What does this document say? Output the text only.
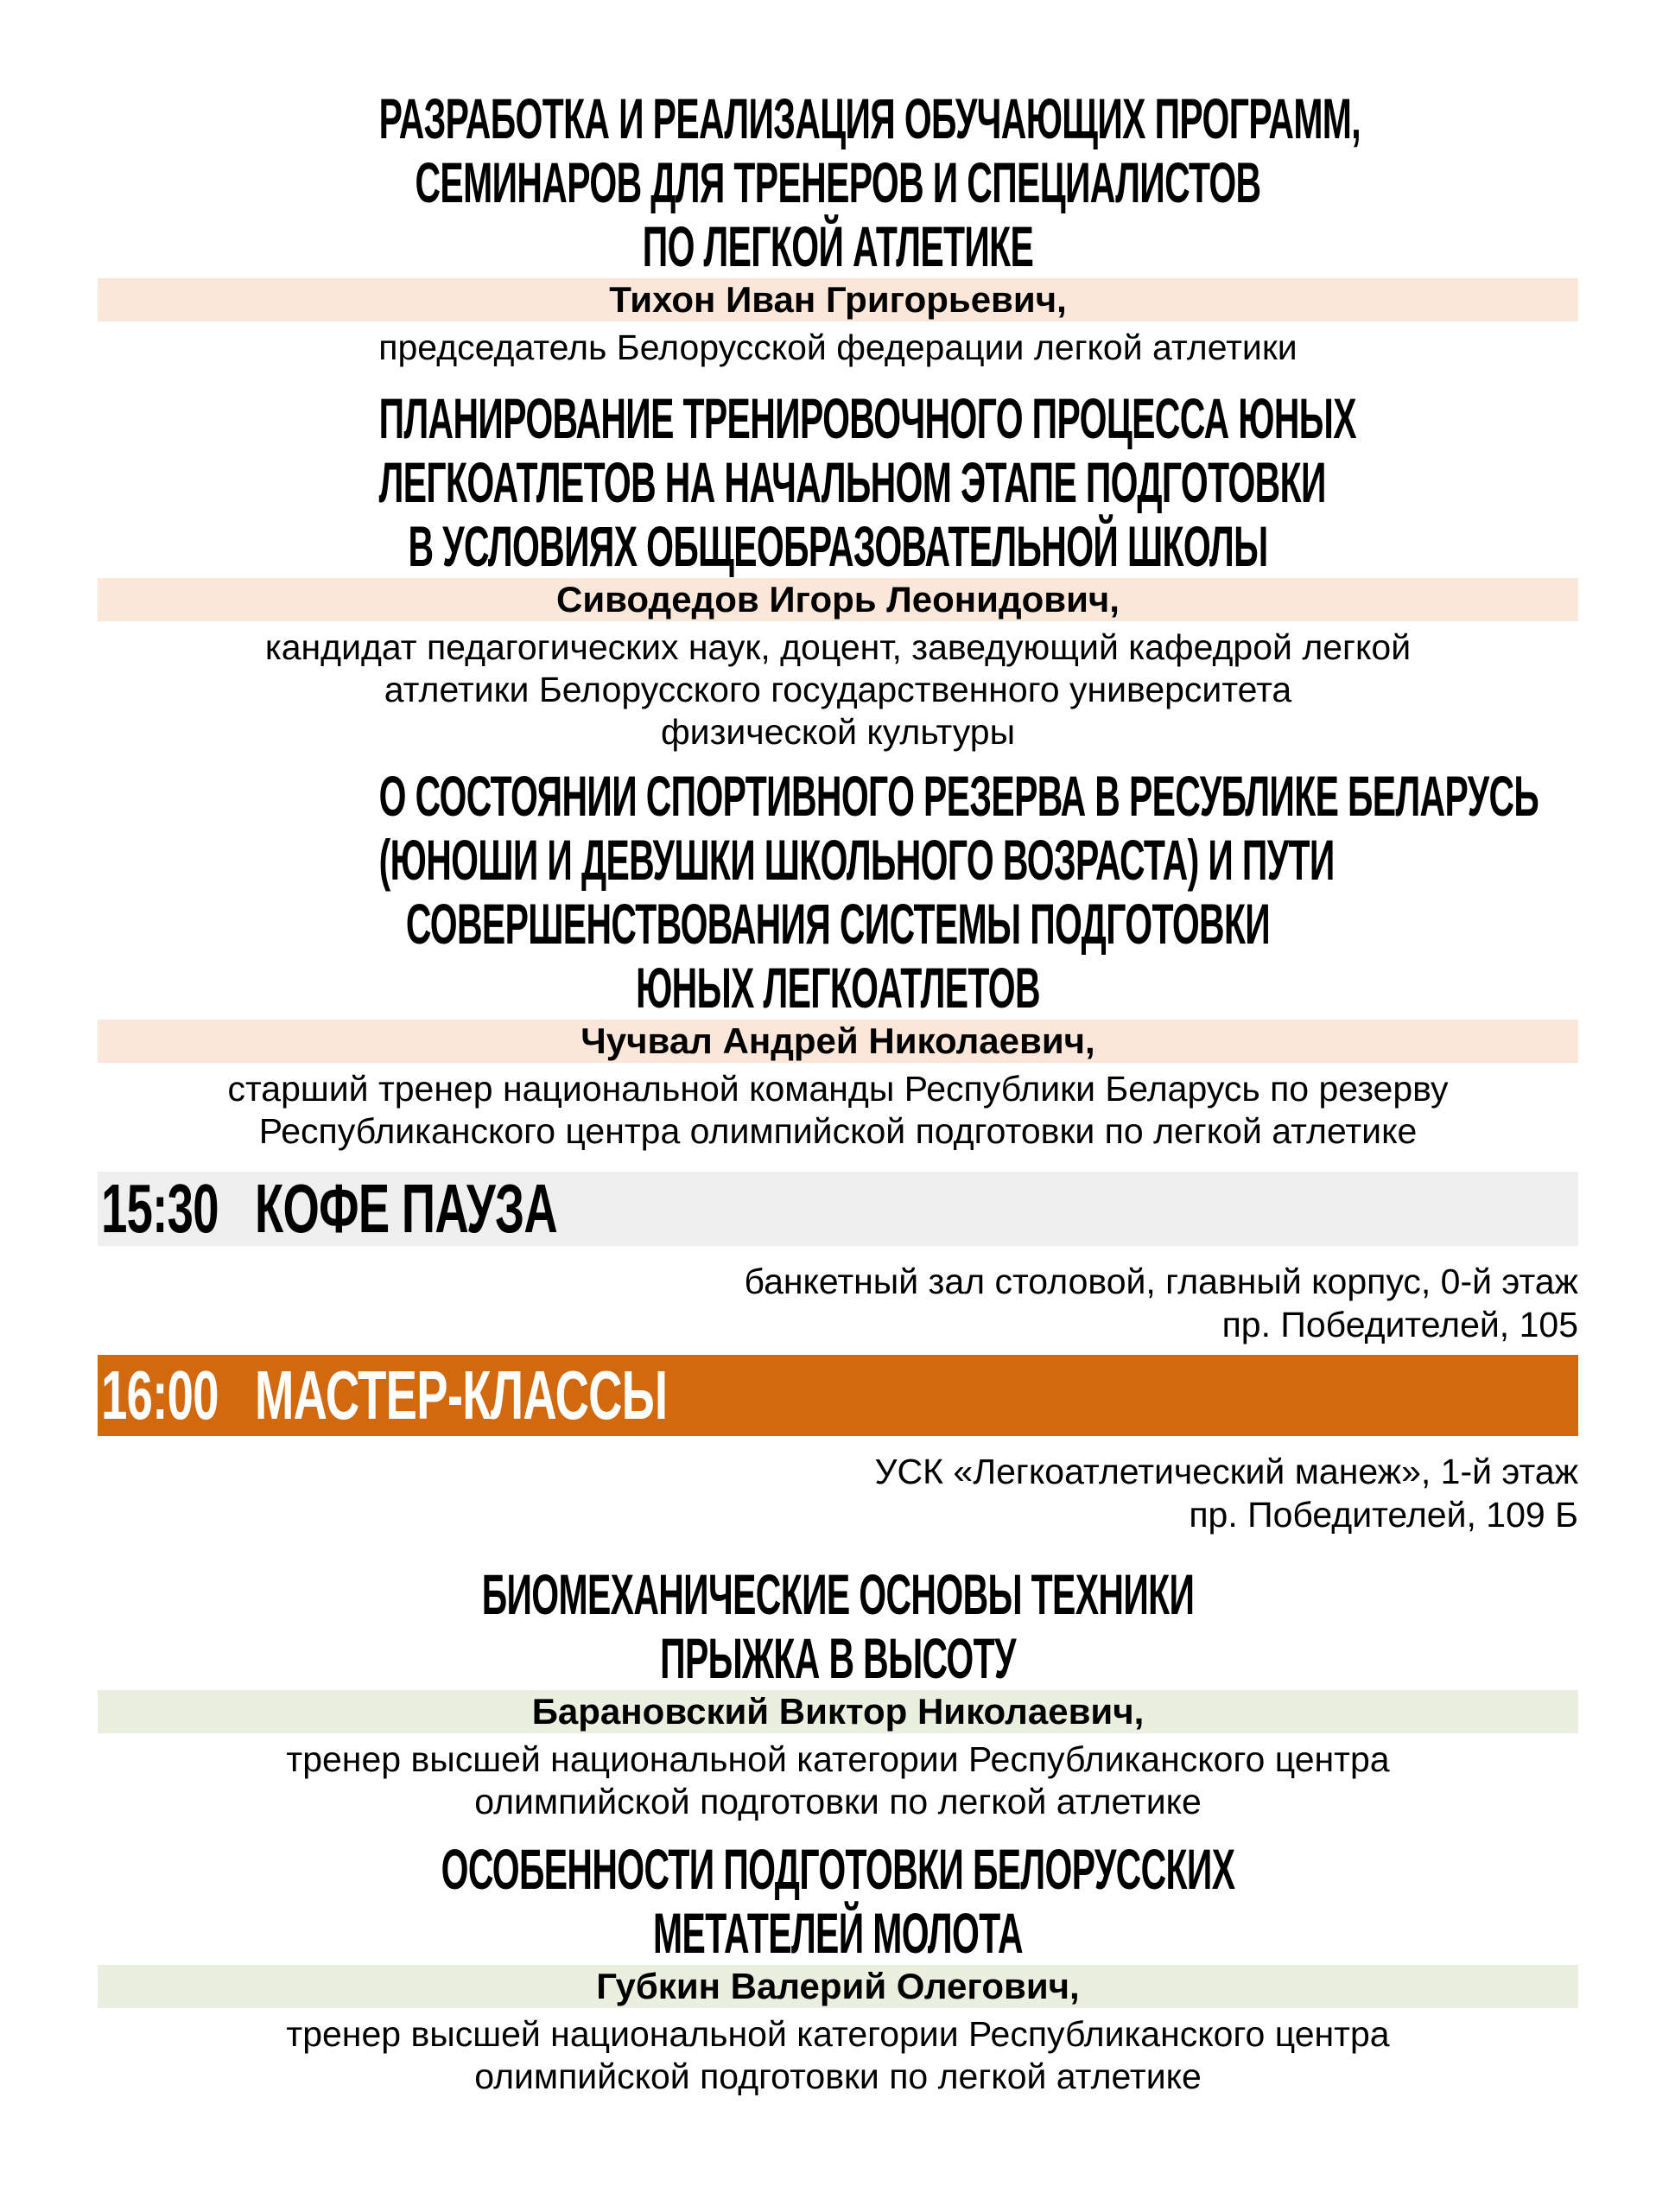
РАЗРАБОТКА И РЕАЛИЗАЦИЯ ОБУЧАЮЩИХ ПРОГРАММ,
СЕМИНАРОВ ДЛЯ ТРЕНЕРОВ И СПЕЦИАЛИСТОВ
ПО ЛЕГКОЙ АТЛЕТИКЕ
Тихон Иван Григорьевич,
председатель Белорусской федерации легкой атлетики
ПЛАНИРОВАНИЕ ТРЕНИРОВОЧНОГО ПРОЦЕССА ЮНЫХ
ЛЕГКОАТЛЕТОВ НА НАЧАЛЬНОМ ЭТАПЕ ПОДГОТОВКИ
В УСЛОВИЯХ ОБЩЕОБРАЗОВАТЕЛЬНОЙ ШКОЛЫ
Сиводедов Игорь Леонидович,
кандидат педагогических наук, доцент, заведующий кафедрой легкой
атлетики Белорусского государственного университета
физической культуры
О СОСТОЯНИИ СПОРТИВНОГО РЕЗЕРВА В РЕСУБЛИКЕ БЕЛАРУСЬ
(ЮНОШИ И ДЕВУШКИ ШКОЛЬНОГО ВОЗРАСТА) И ПУТИ
СОВЕРШЕНСТВОВАНИЯ СИСТЕМЫ ПОДГОТОВКИ
ЮНЫХ ЛЕГКОАТЛЕТОВ
Чучвал Андрей Николаевич,
старший тренер национальной команды Республики Беларусь по резерву
Республиканского центра олимпийской подготовки по легкой атлетике
15:30 КОФЕ ПАУЗА
банкетный зал столовой, главный корпус, 0-й этаж
пр. Победителей, 105
16:00 МАСТЕР-КЛАССЫ
УСК «Легкоатлетический манеж», 1-й этаж
пр. Победителей, 109 Б
БИОМЕХАНИЧЕСКИЕ ОСНОВЫ ТЕХНИКИ
ПРЫЖКА В ВЫСОТУ
Барановский Виктор Николаевич,
тренер высшей национальной категории Республиканского центра
олимпийской подготовки по легкой атлетике
ОСОБЕННОСТИ ПОДГОТОВКИ БЕЛОРУССКИХ
МЕТАТЕЛЕЙ МОЛОТА
Губкин Валерий Олегович,
тренер высшей национальной категории Республиканского центра
олимпийской подготовки по легкой атлетике
